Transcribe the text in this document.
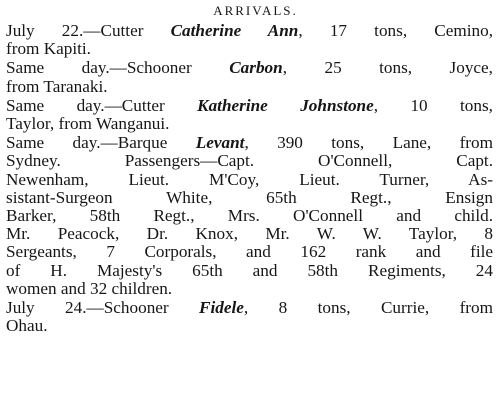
ARRIVALS.
July 22.—Cutter Catherine Ann, 17 tons, Cemino,
from Kapiti.
Same day.—Schooner Carbon, 25 tons, Joyce,
from Taranaki.
Same day.—Cutter Katherine Johnstone, 10 tons,
Taylor, from Wanganui.
Same day.—Barque Levant, 390 tons, Lane, from
Sydney. Passengers—Capt. O'Connell, Capt.
Newenham, Lieut. M'Coy, Lieut. Turner, As-
sistant-Surgeon White, 65th Regt., Ensign
Barker, 58th Regt., Mrs. O'Connell and child.
Mr. Peacock, Dr. Knox, Mr. W. W. Taylor, 8
Sergeants, 7 Corporals, and 162 rank and file
of H. Majesty's 65th and 58th Regiments, 24
women and 32 children.
July 24.—Schooner Fidele, 8 tons, Currie, from
Ohau.
